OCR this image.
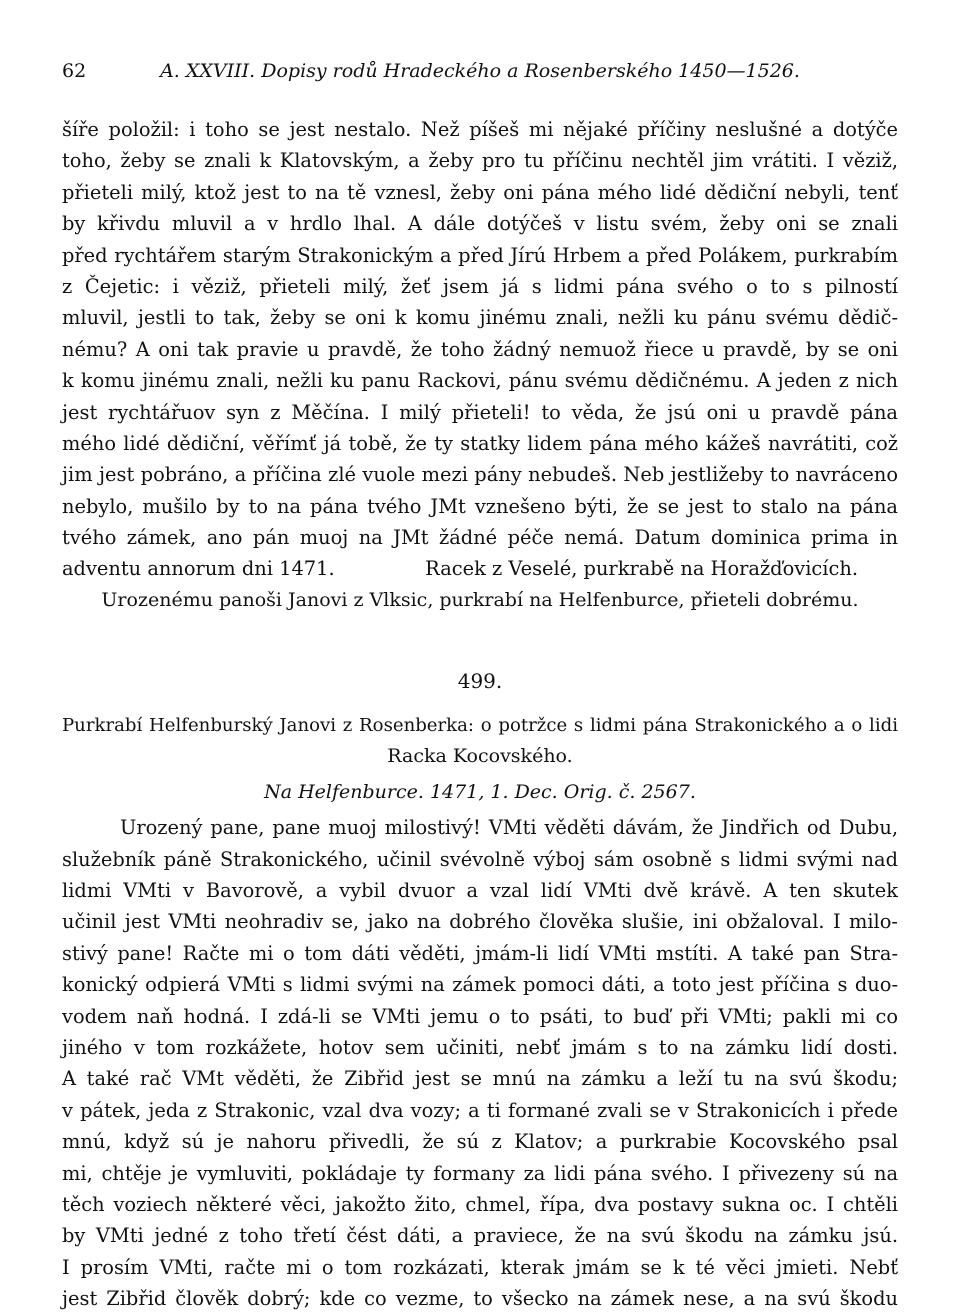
62	A. XXVIII. Dopisy rodů Hradeckého a Rosenberského 1450—1526.
šíře položil: i toho se jest nestalo. Než píšeš mi nějaké příčiny neslušné a dotýče
toho, žeby se znali k Klatovským, a žeby pro tu příčinu nechtěl jim vrátiti. I věziž,
přieteli milý, ktož jest to na tě vznesl, žeby oni pána mého lidé dědiční nebyli, tenť
by křivdu mluvil a v hrdlo lhal. A dále dotýčeš v listu svém, žeby oni se znali
před rychtářem starým Strakonickým a před Jírú Hrbem a před Polákem, purkrabím
z Čejetic: i věziž, přieteli milý, žeť jsem já s lidmi pána svého o to s pilností
mluvil, jestli to tak, žeby se oni k komu jinému znali, nežli ku pánu svému dědič-
nému? A oni tak pravie u pravdě, že toho žádný nemuož řiece u pravdě, by se oni
k komu jinému znali, nežli ku panu Rackovi, pánu svému dědičnému. A jeden z nich
jest rychtářuov syn z Měčína. I milý přieteli! to věda, že jsú oni u pravdě pána
mého lidé dědiční, věřímť já tobě, že ty statky lidem pána mého kážeš navrátiti, což
jim jest pobráno, a příčina zlé vuole mezi pány nebudeš. Neb jestližeby to navráceno
nebylo, mušilo by to na pána tvého JMt vznešeno býti, že se jest to stalo na pána
tvého zámek, ano pán muoj na JMt žádné péče nemá. Datum dominica prima in
adventu annorum dni 1471.	Racek z Veselé, purkrabě na Horažďovicích.
Urozenému panoši Janovi z Vlksic, purkrabí na Helfenburce, přieteli dobrému.
499.
Purkrabí Helfenburský Janovi z Rosenberka: o potržce s lidmi pána Strakonického a o lidi
Racka Kocovského.
Na Helfenburce. 1471, 1. Dec. Orig. č. 2567.
Urozený pane, pane muoj milostivý! VMti věděti dávám, že Jindřich od Dubu,
služebník páně Strakonického, učinil svévolně výboj sám osobně s lidmi svými nad
lidmi VMti v Bavorově, a vybil dvuor a vzal lidí VMti dvě krávě. A ten skutek
učinil jest VMti neohradiv se, jako na dobrého člověka slušie, ini obžaloval. I milo-
stivý pane! Račte mi o tom dáti věděti, jmám-li lidí VMti mstíti. A také pan Stra-
konický odpierá VMti s lidmi svými na zámek pomoci dáti, a toto jest příčina s duo-
vodem naň hodná. I zdá-li se VMti jemu o to psáti, to buď při VMti; pakli mi co
jiného v tom rozkážete, hotov sem učiniti, nebť jmám s to na zámku lidí dosti.
A také rač VMt věděti, že Zibřid jest se mnú na zámku a leží tu na svú škodu;
v pátek, jeda z Strakonic, vzal dva vozy; a ti formané zvali se v Strakonicích i přede
mnú, když sú je nahoru přivedli, že sú z Klatov; a purkrabie Kocovského psal
mi, chtěje je vymluviti, pokládaje ty formany za lidi pána svého. I přivezeny sú na
těch voziech některé věci, jakožto žito, chmel, řípa, dva postavy sukna oc. I chtěli
by VMti jedné z toho třetí čést dáti, a praviece, že na svú škodu na zámku jsú.
I prosím VMti, račte mi o tom rozkázati, kterak jmám se k té věci jmieti. Nebť
jest Zibřid člověk dobrý; kde co vezme, to všecko na zámek nese, a na svú škodu
